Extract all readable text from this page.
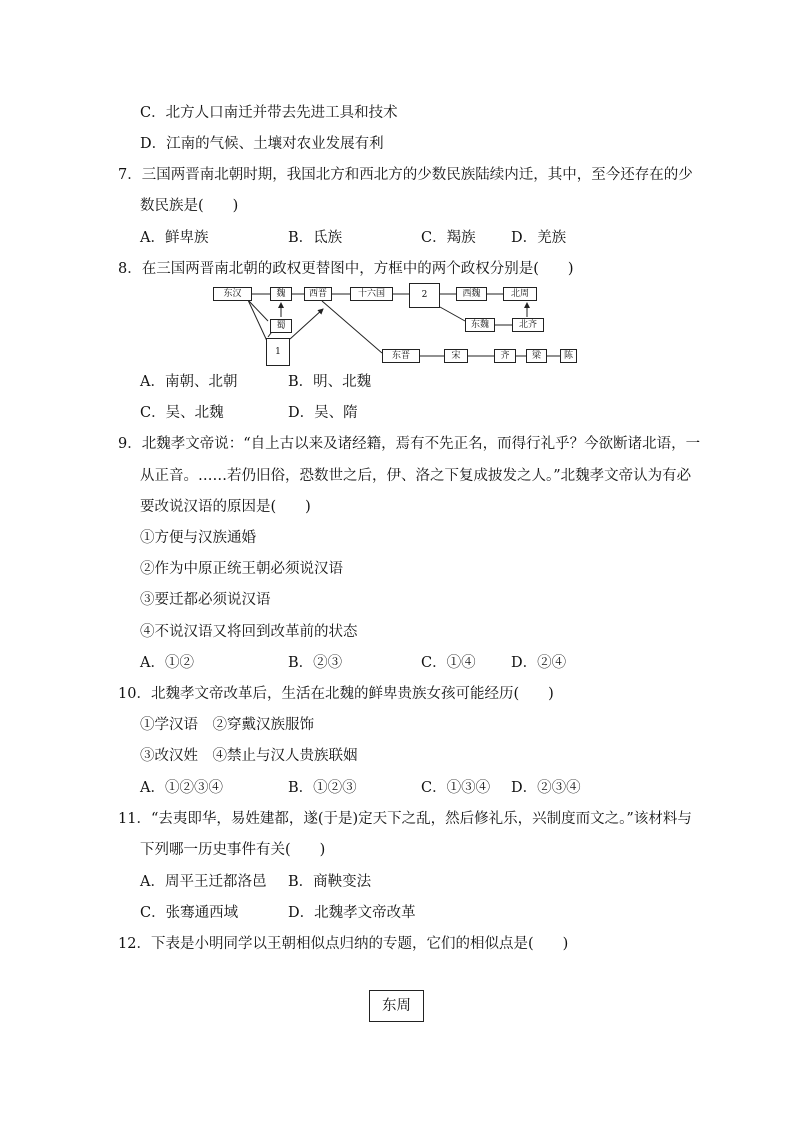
C．北方人口南迁并带去先进工具和技术
D．江南的气候、土壤对农业发展有利
7．三国两晋南北朝时期，我国北方和西北方的少数民族陆续内迁，其中，至今还存在的少
数民族是(　　)
A．鲜卑族	B．氐族	C．羯族 D．羌族
8．在三国两晋南北朝的政权更替图中，方框中的两个政权分别是(　　)
东汉	魏
蜀
1
西晋	十六国	2	西魏	北周
东魏	北齐
东晋	宋	齐	梁	陈
A．南朝、北朝	B．明、北魏
C．吴、北魏	D．吴、隋
9．北魏孝文帝说：“自上古以来及诸经籍，焉有不先正名，而得行礼乎？今欲断诸北语，一
从正音。……若仍旧俗，恐数世之后，伊、洛之下复成披发之人。”北魏孝文帝认为有必
要改说汉语的原因是(　　)
①方便与汉族通婚
②作为中原正统王朝必须说汉语
③要迁都必须说汉语
④不说汉语又将回到改革前的状态
A．①②	B．②③	C．①④ D．②④
10．北魏孝文帝改革后，生活在北魏的鲜卑贵族女孩可能经历(　　)
①学汉语　②穿戴汉族服饰
③改汉姓　④禁止与汉人贵族联姻
A．①②③④	B．①②③	C．①③④ D．②③④
11．“去夷即华，易姓建都，遂(于是)定天下之乱，然后修礼乐，兴制度而文之。”该材料与
下列哪一历史事件有关(　　)
A．周平王迁都洛邑 B．商鞅变法
C．张骞通西域	D．北魏孝文帝改革
12．下表是小明同学以王朝相似点归纳的专题，它们的相似点是(　　)
东周
